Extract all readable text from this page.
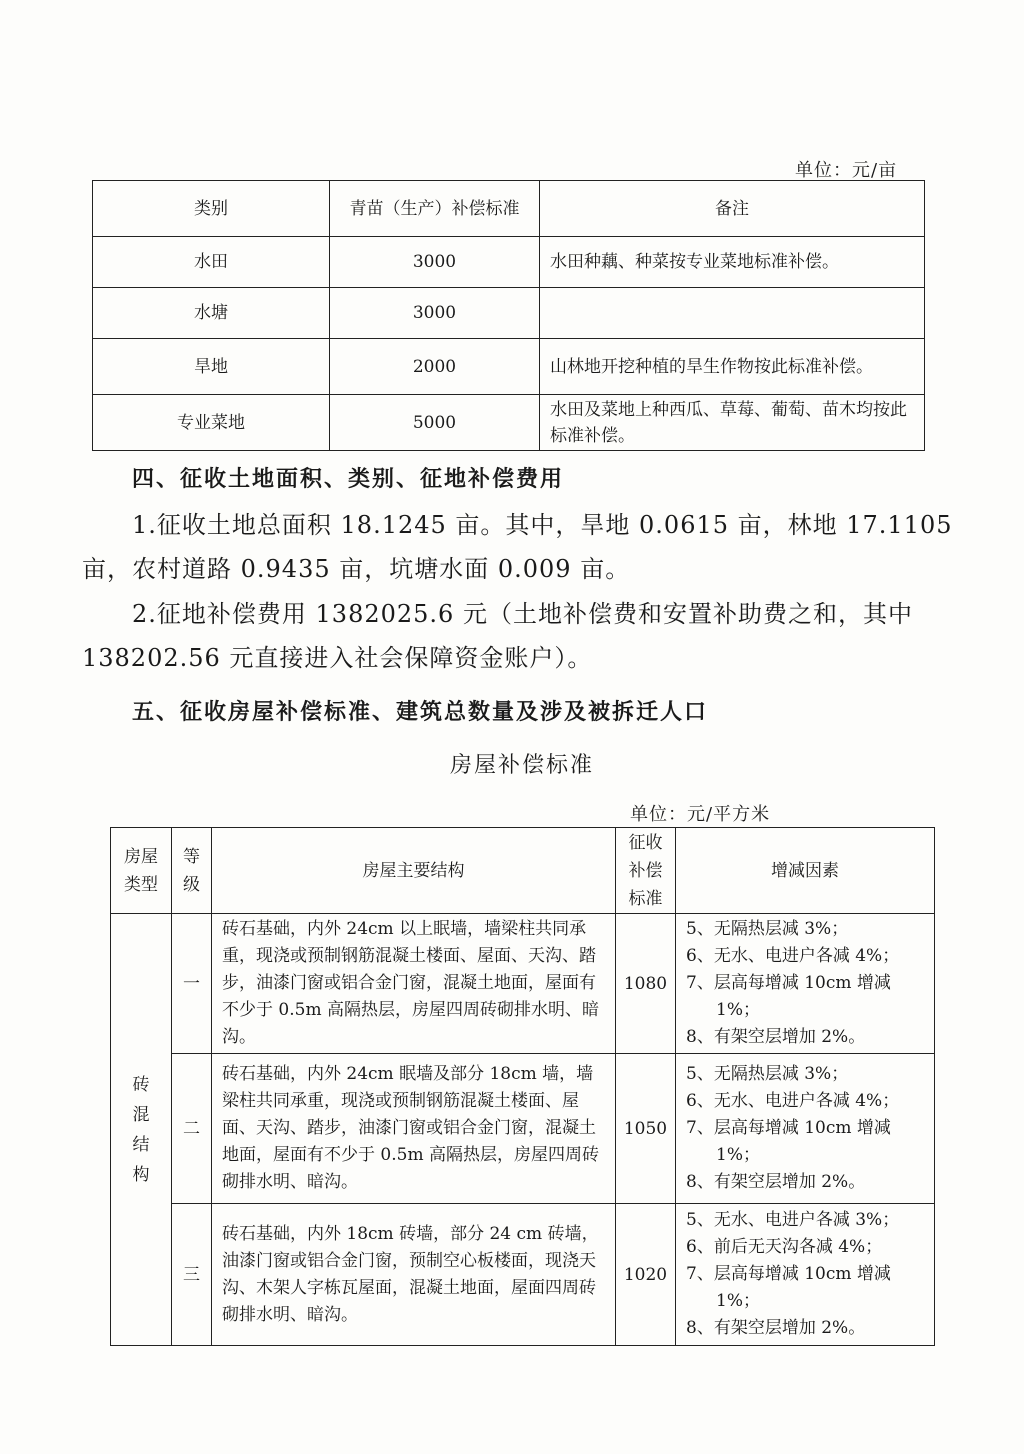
单位：元/亩
类别	青苗（生产）补偿标准	备注
水田	3000	水田种藕、种菜按专业菜地标准补偿。
水塘	3000	
旱地	2000	山林地开挖种植的旱生作物按此标准补偿。
专业菜地	5000	水田及菜地上种西瓜、草莓、葡萄、苗木均按此标准补偿。
四、征收土地面积、类别、征地补偿费用
1.征收土地总面积 18.1245 亩。其中，旱地 0.0615 亩，林地 17.1105 亩，农村道路 0.9435 亩，坑塘水面 0.009 亩。
2.征地补偿费用 1382025.6 元（土地补偿费和安置补助费之和，其中 138202.56 元直接进入社会保障资金账户）。
五、征收房屋补偿标准、建筑总数量及涉及被拆迁人口
房屋补偿标准
单位：元/平方米
房屋类型	等级	房屋主要结构	征收补偿标准	增减因素
砖混结构	一	砖石基础，内外 24cm 以上眠墙，墙梁柱共同承重，现浇或预制钢筋混凝土楼面、屋面、天沟、踏步，油漆门窗或铝合金门窗，混凝土地面，屋面有不少于 0.5m 高隔热层，房屋四周砖砌排水明、暗沟。	1080	5、无隔热层减 3%；
6、无水、电进户各减 4%；
7、层高每增减 10cm 增减
1%；
8、有架空层增加 2%。

	二	砖石基础，内外 24cm 眠墙及部分 18cm 墙，墙梁柱共同承重，现浇或预制钢筋混凝土楼面、屋面、天沟、踏步，油漆门窗或铝合金门窗，混凝土地面，屋面有不少于 0.5m 高隔热层，房屋四周砖砌排水明、暗沟。	1050	5、无隔热层减 3%；
6、无水、电进户各减 4%；
7、层高每增减 10cm 增减
1%；
8、有架空层增加 2%。

	三	砖石基础，内外 18cm 砖墙，部分 24 cm 砖墙，油漆门窗或铝合金门窗，预制空心板楼面，现浇天沟、木架人字栋瓦屋面，混凝土地面，屋面四周砖砌排水明、暗沟。	1020	5、无水、电进户各减 3%；
6、前后无天沟各减 4%；
7、层高每增减 10cm 增减
1%；
8、有架空层增加 2%。
